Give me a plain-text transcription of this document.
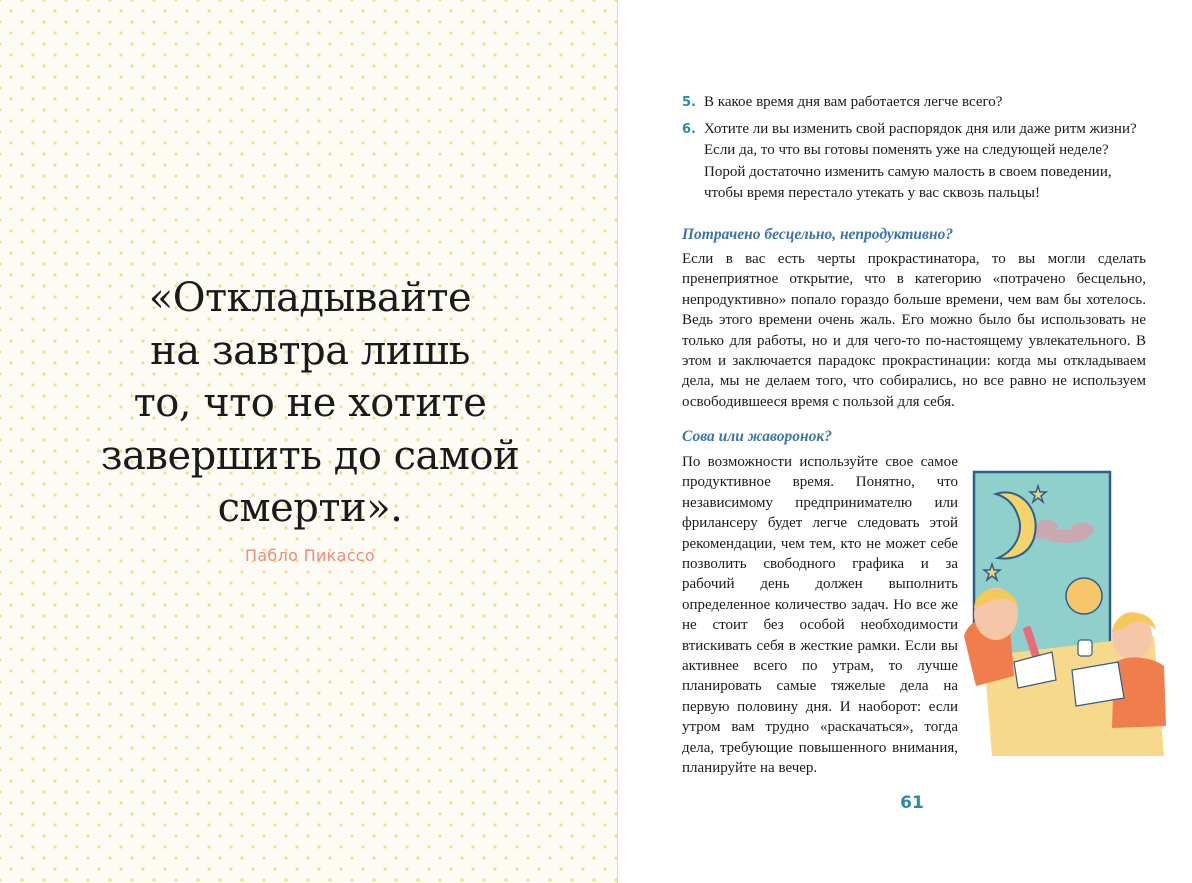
«Откладывайте
на завтра лишь
то, что не хотите
завершить до самой
смерти».

Пабло Пикассо

5. В какое время дня вам работается легче всего?
6. Хотите ли вы изменить свой распорядок дня или даже ритм жизни? Если да, то что вы готовы поменять уже на следующей неделе? Порой достаточно изменить самую малость в своем поведении, чтобы время перестало утекать у вас сквозь пальцы!
Потрачено бесцельно, непродуктивно?

Если в вас есть черты прокрастинатора, то вы могли сделать пренеприятное открытие, что в категорию «потрачено бесцельно, непродуктивно» попало гораздо больше времени, чем вам бы хотелось. Ведь этого времени очень жаль. Его можно было бы использовать не только для работы, но и для чего-то по-настоящему увлекательного. В этом и заключается парадокс прокрастинации: когда мы откладываем дела, мы не делаем того, что собирались, но все равно не используем освободившееся время с пользой для себя.

Сова или жаворонок?

По возможности используйте свое самое продуктивное время. Понятно, что независимому предпринимателю или фрилансеру будет легче следовать этой рекомендации, чем тем, кто не может себе позволить свободного графика и за рабочий день должен выполнить определенное количество задач. Но все же не стоит без особой необходимости втискивать себя в жесткие рамки. Если вы активнее всего по утрам, то лучше планировать самые тяжелые дела на первую половину дня. И наоборот: если утром вам трудно «раскачаться», тогда дела, требующие повышенного внимания, планируйте на вечер.

61
